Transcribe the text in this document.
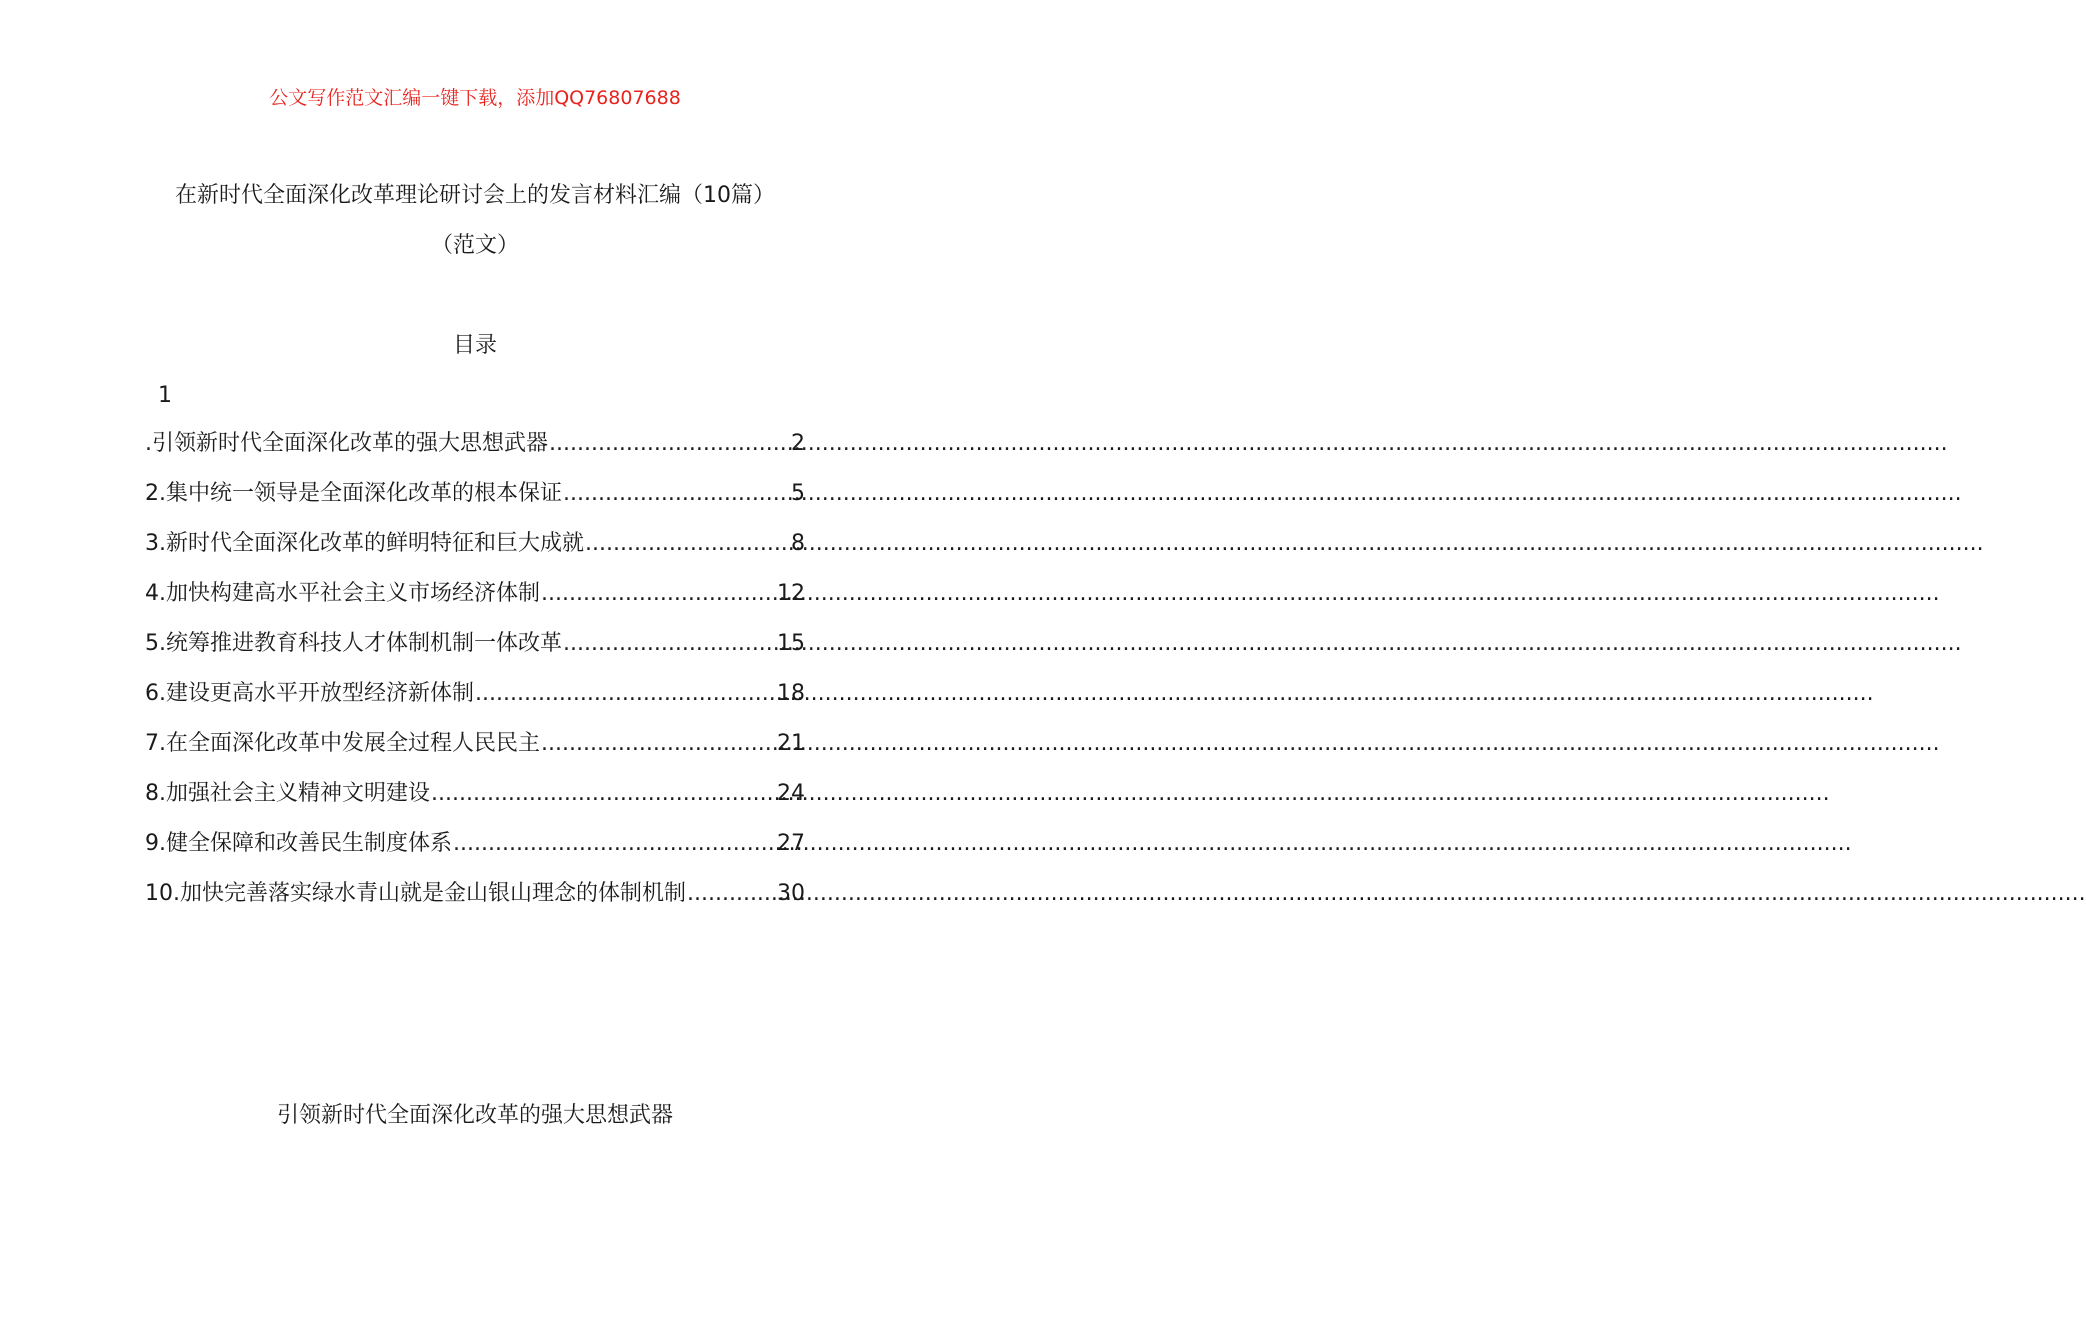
公文写作范文汇编一键下载，添加QQ76807688
在新时代全面深化改革理论研讨会上的发言材料汇编（10篇）
（范文）
目录
1
.引领新时代全面深化改革的强大思想武器 .....	2
2.集中统一领导是全面深化改革的根本保证 .....	5
3.新时代全面深化改革的鲜明特征和巨大成就 .....	8
4.加快构建高水平社会主义市场经济体制 .....	12
5.统筹推进教育科技人才体制机制一体改革 .....	15
6.建设更高水平开放型经济新体制 .....	18
7.在全面深化改革中发展全过程人民民主 .....	21
8.加强社会主义精神文明建设 .....	24
9.健全保障和改善民生制度体系 .....	27
10.加快完善落实绿水青山就是金山银山理念的体制机制 .....	30
引领新时代全面深化改革的强大思想武器
